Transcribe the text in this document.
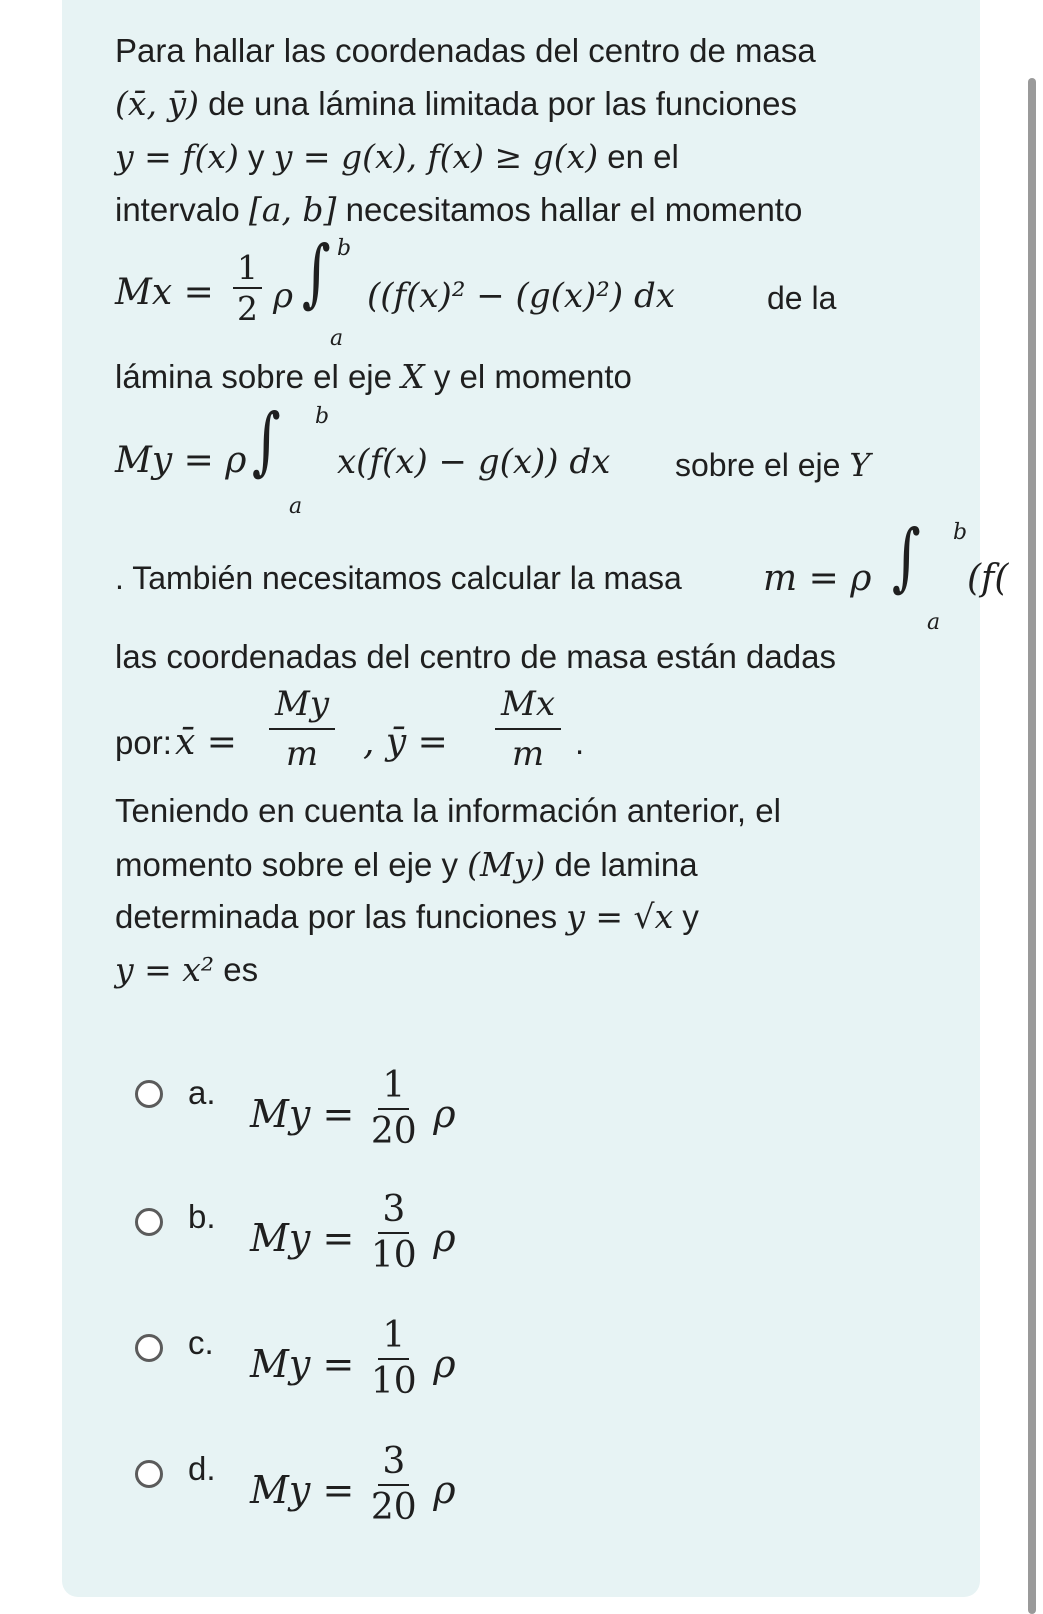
Para hallar las coordenadas del centro de masa
(x̄, ȳ) de una lámina limitada por las funciones
y = f(x) y y = g(x), f(x) ≥ g(x) en el
intervalo [a, b] necesitamos hallar el momento
$Mx = \frac{1}{2}$ ρ ∫ b
a
((f(x)² − (g(x)²) dx	de la
lámina sobre el eje X y el momento
My = ρ ∫ b
a
x(f(x) − g(x)) dx sobre el eje Y
. También necesitamos calcular la masa m = ρ ∫ b
a
(f(
las coordenadas del centro de masa están dadas
por: x̄ = $\frac{My}{m}$ , ȳ = $\frac{Mx}{m}$ .
Teniendo en cuenta la información anterior, el
momento sobre el eje y (My) de lamina
determinada por las funciones y = √x y
y = x² es
a. $My = \frac{1}{20}$ ρ
b. $My = \frac{3}{10}$ ρ
c. $My = \frac{1}{10}$ ρ
d. $My = \frac{3}{20}$ ρ
